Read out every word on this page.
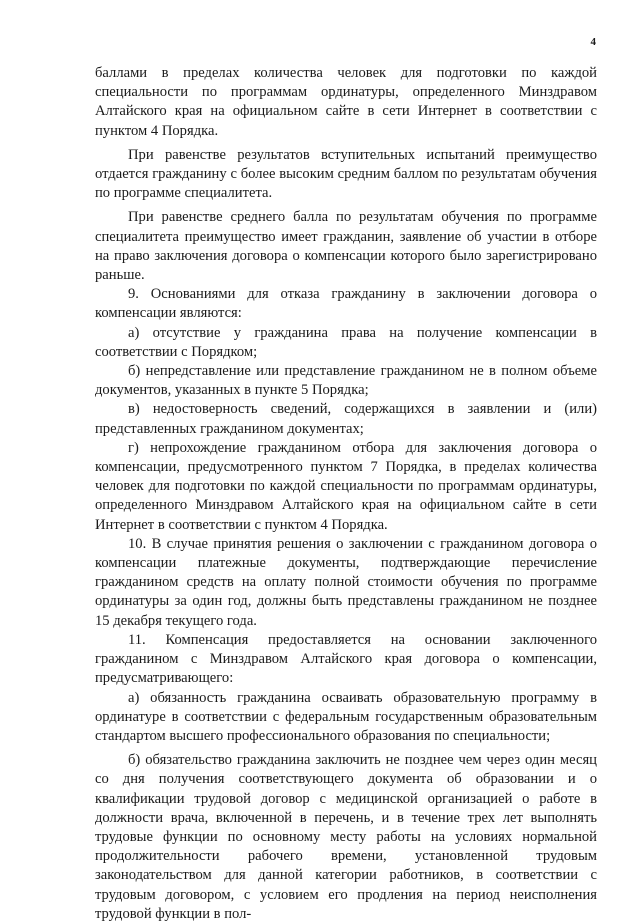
4

баллами в пределах количества человек для подготовки по каждой специальности по программам ординатуры, определенного Минздравом Алтайского края на официальном сайте в сети Интернет в соответствии с пунктом 4 Порядка.

При равенстве результатов вступительных испытаний преимущество отдается гражданину с более высоким средним баллом по результатам обучения по программе специалитета.

При равенстве среднего балла по результатам обучения по программе специалитета преимущество имеет гражданин, заявление об участии в отборе на право заключения договора о компенсации которого было зарегистрировано раньше.

9. Основаниями для отказа гражданину в заключении договора о компенсации являются:

а) отсутствие у гражданина права на получение компенсации в соответствии с Порядком;

б) непредставление или представление гражданином не в полном объеме документов, указанных в пункте 5 Порядка;

в) недостоверность сведений, содержащихся в заявлении и (или) представленных гражданином документах;

г) непрохождение гражданином отбора для заключения договора о компенсации, предусмотренного пунктом 7 Порядка, в пределах количества человек для подготовки по каждой специальности по программам ординатуры, определенного Минздравом Алтайского края на официальном сайте в сети Интернет в соответствии с пунктом 4 Порядка.

10. В случае принятия решения о заключении с гражданином договора о компенсации платежные документы, подтверждающие перечисление гражданином средств на оплату полной стоимости обучения по программе ординатуры за один год, должны быть представлены гражданином не позднее 15 декабря текущего года.

11. Компенсация предоставляется на основании заключенного гражданином с Минздравом Алтайского края договора о компенсации, предусматривающего:

а) обязанность гражданина осваивать образовательную программу в ординатуре в соответствии с федеральным государственным образовательным стандартом высшего профессионального образования по специальности;

б) обязательство гражданина заключить не позднее чем через один месяц со дня получения соответствующего документа об образовании и о квалификации трудовой договор с медицинской организацией о работе в должности врача, включенной в перечень, и в течение трех лет выполнять трудовые функции по основному месту работы на условиях нормальной продолжительности рабочего времени, установленной трудовым законодательством для данной категории работников, в соответствии с трудовым договором, с условием его продления на период неисполнения трудовой функции в пол-
